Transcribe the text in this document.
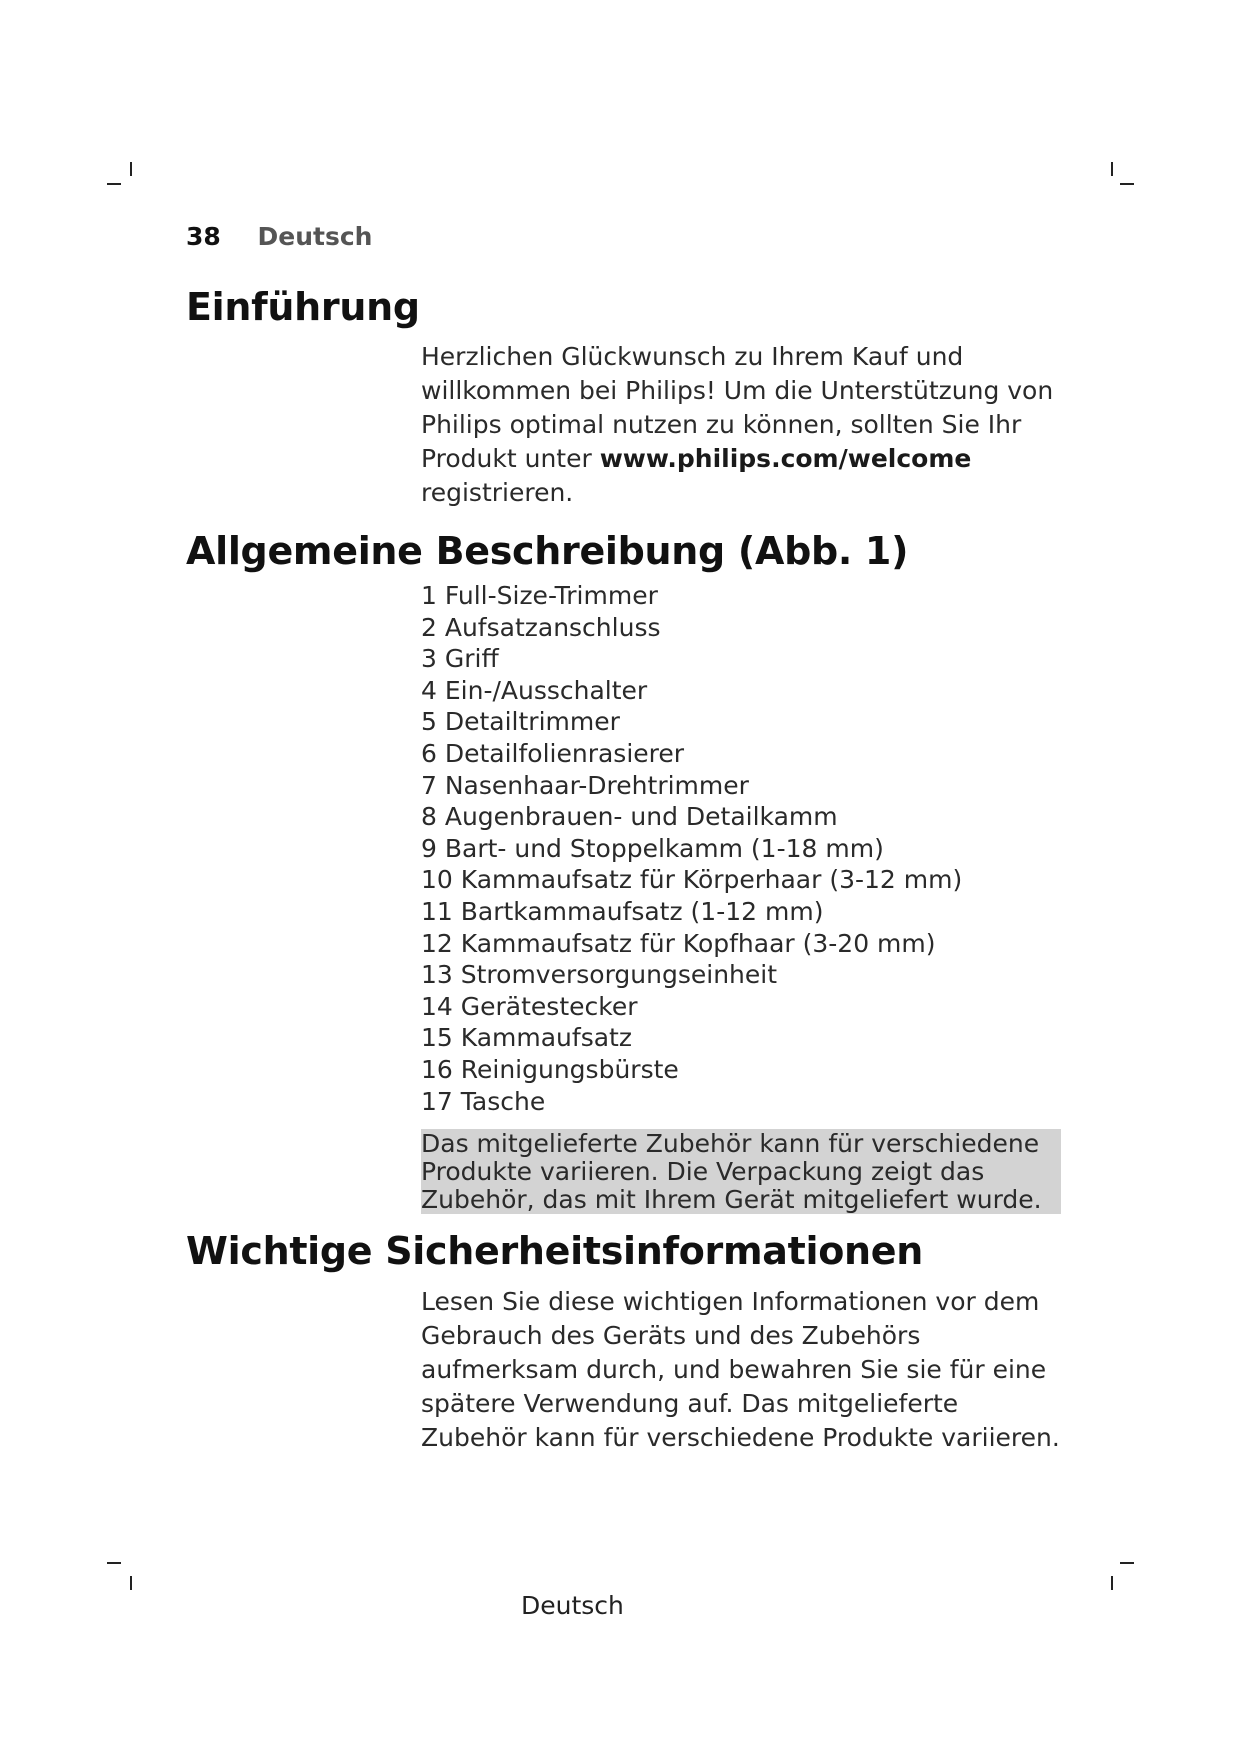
38 Deutsch
Einführung
Herzlichen Glückwunsch zu Ihrem Kauf und willkommen bei Philips! Um die Unterstützung von Philips optimal nutzen zu können, sollten Sie Ihr Produkt unter www.philips.com/welcome registrieren.
Allgemeine Beschreibung (Abb. 1)
1 Full-Size-Trimmer
2 Aufsatzanschluss
3 Griff
4 Ein-/Ausschalter
5 Detailtrimmer
6 Detailfolienrasierer
7 Nasenhaar-Drehtrimmer
8 Augenbrauen- und Detailkamm
9 Bart- und Stoppelkamm (1-18 mm)
10 Kammaufsatz für Körperhaar (3-12 mm)
11 Bartkammaufsatz (1-12 mm)
12 Kammaufsatz für Kopfhaar (3-20 mm)
13 Stromversorgungseinheit
14 Gerätestecker
15 Kammaufsatz
16 Reinigungsbürste
17 Tasche
Das mitgelieferte Zubehör kann für verschiedene Produkte variieren. Die Verpackung zeigt das Zubehör, das mit Ihrem Gerät mitgeliefert wurde.
Wichtige Sicherheitsinformationen
Lesen Sie diese wichtigen Informationen vor dem Gebrauch des Geräts und des Zubehörs aufmerksam durch, und bewahren Sie sie für eine spätere Verwendung auf. Das mitgelieferte Zubehör kann für verschiedene Produkte variieren.
Deutsch
